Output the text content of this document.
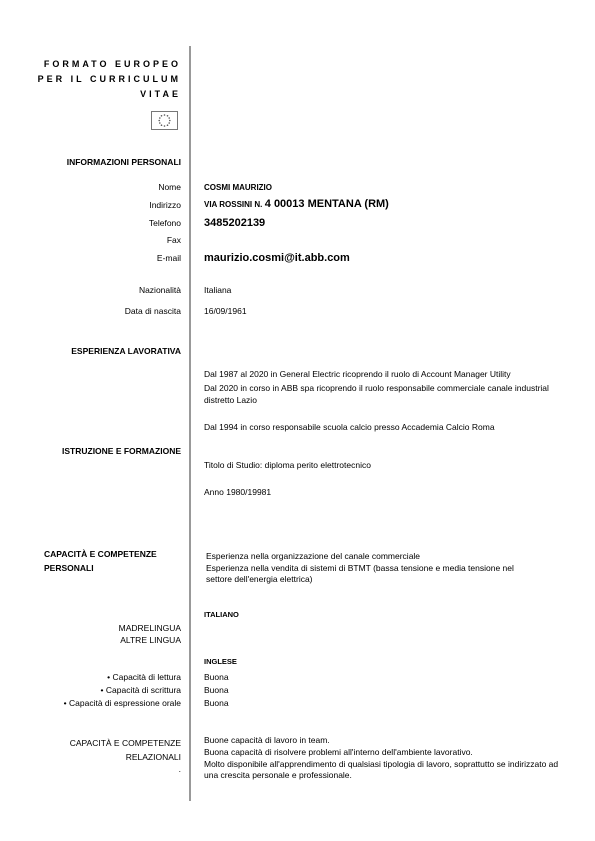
FORMATO EUROPEO
PER IL CURRICULUM
VITAE
INFORMAZIONI PERSONALI
Nome	COSMI MAURIZIO
Indirizzo	VIA ROSSINI N. 4 00013 MENTANA (RM)
Telefono 3485202139
Fax
E-mail maurizio.cosmi@it.abb.com
Nazionalità	Italiana
Data di nascita	16/09/1961
ESPERIENZA LAVORATIVA
Dal 1987 al 2020 in General Electric ricoprendo il ruolo di Account Manager Utility
Dal 2020 in corso in ABB spa ricoprendo il ruolo responsabile commerciale canale industrial
distretto Lazio
Dal 1994 in corso responsabile scuola calcio presso Accademia Calcio Roma
ISTRUZIONE E FORMAZIONE
Titolo di Studio: diploma perito elettrotecnico
Anno 1980/19981
CAPACITÀ E COMPETENZE
PERSONALI
Esperienza nella organizzazione del canale commerciale
Esperienza nella vendita di sistemi di BTMT (bassa tensione e media tensione nel
settore dell'energia elettrica)
MADRELINGUA
ITALIANO
ALTRE LINGUA
INGLESE
• Capacità di lettura	Buona
• Capacità di scrittura	Buona
• Capacità di espressione orale	Buona
CAPACITÀ E COMPETENZE
RELAZIONALI
.
Buone capacità di lavoro in team.
Buona capacità di risolvere problemi all'interno dell'ambiente lavorativo.
Molto disponibile all'apprendimento di qualsiasi tipologia di lavoro, soprattutto se indirizzato ad
una crescita personale e professionale.
